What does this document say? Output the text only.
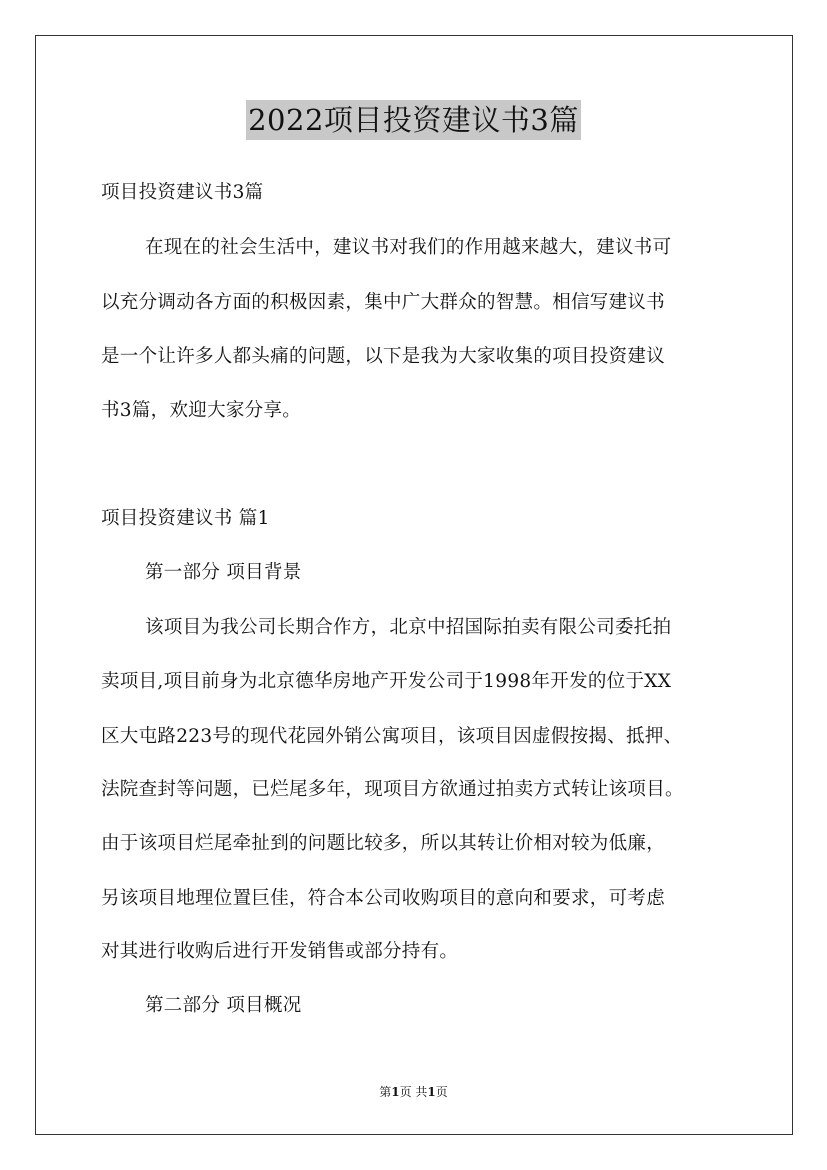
2022项目投资建议书3篇
项目投资建议书3篇
在现在的社会生活中，建议书对我们的作用越来越大，建议书可
以充分调动各方面的积极因素，集中广大群众的智慧。相信写建议书
是一个让许多人都头痛的问题，以下是我为大家收集的项目投资建议
书3篇，欢迎大家分享。
项目投资建议书 篇1
第一部分 项目背景
该项目为我公司长期合作方，北京中招国际拍卖有限公司委托拍
卖项目,项目前身为北京德华房地产开发公司于1998年开发的位于XX
区大屯路223号的现代花园外销公寓项目，该项目因虚假按揭、抵押、
法院查封等问题，已烂尾多年，现项目方欲通过拍卖方式转让该项目。
由于该项目烂尾牵扯到的问题比较多，所以其转让价相对较为低廉，
另该项目地理位置巨佳，符合本公司收购项目的意向和要求，可考虑
对其进行收购后进行开发销售或部分持有。
第二部分 项目概况
第1页 共1页
